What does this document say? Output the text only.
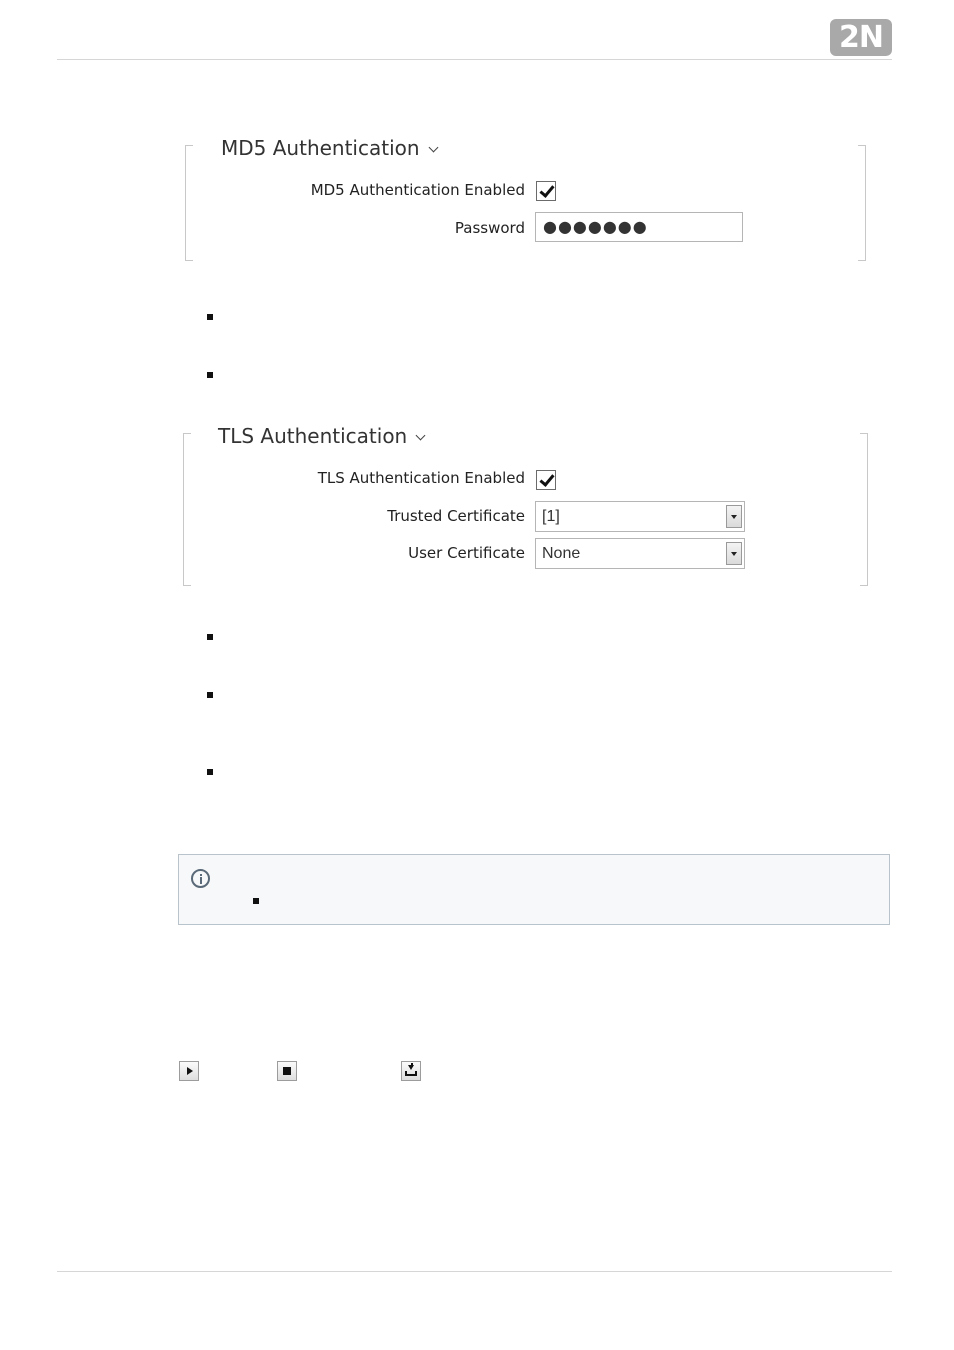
2N
MD5 Authentication
MD5 Authentication Enabled
Password	●●●●●●●
TLS Authentication
TLS Authentication Enabled
Trusted Certificate	[1]
User Certificate	None
